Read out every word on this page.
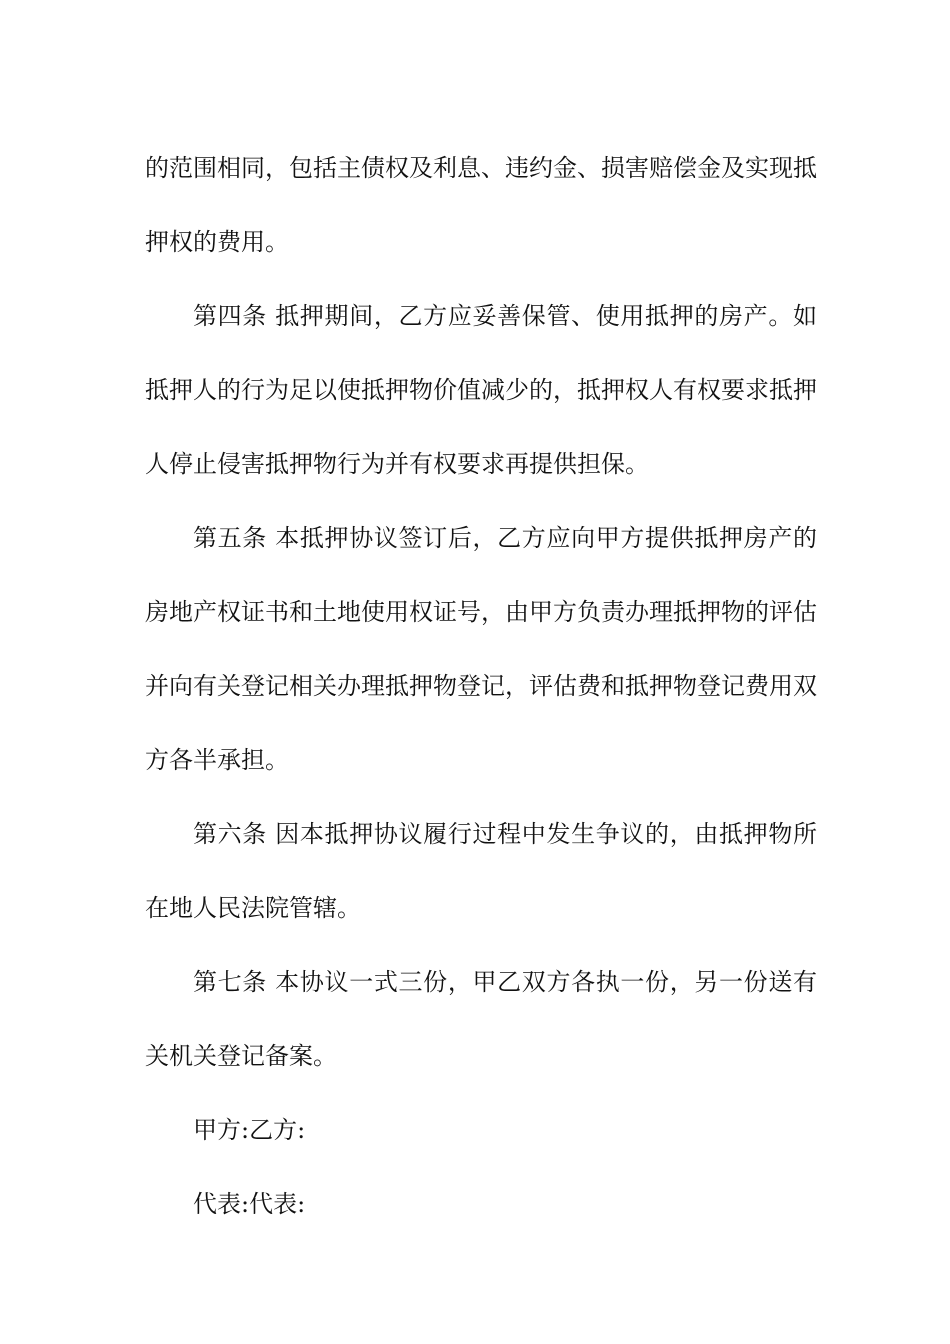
的范围相同，包括主债权及利息、违约金、损害赔偿金及实现抵押权的费用。

第四条 抵押期间，乙方应妥善保管、使用抵押的房产。如抵押人的行为足以使抵押物价值减少的，抵押权人有权要求抵押人停止侵害抵押物行为并有权要求再提供担保。

第五条 本抵押协议签订后，乙方应向甲方提供抵押房产的房地产权证书和土地使用权证号，由甲方负责办理抵押物的评估并向有关登记相关办理抵押物登记，评估费和抵押物登记费用双方各半承担。

第六条 因本抵押协议履行过程中发生争议的，由抵押物所在地人民法院管辖。

第七条 本协议一式三份，甲乙双方各执一份，另一份送有关机关登记备案。

甲方:乙方:

代表:代表:
